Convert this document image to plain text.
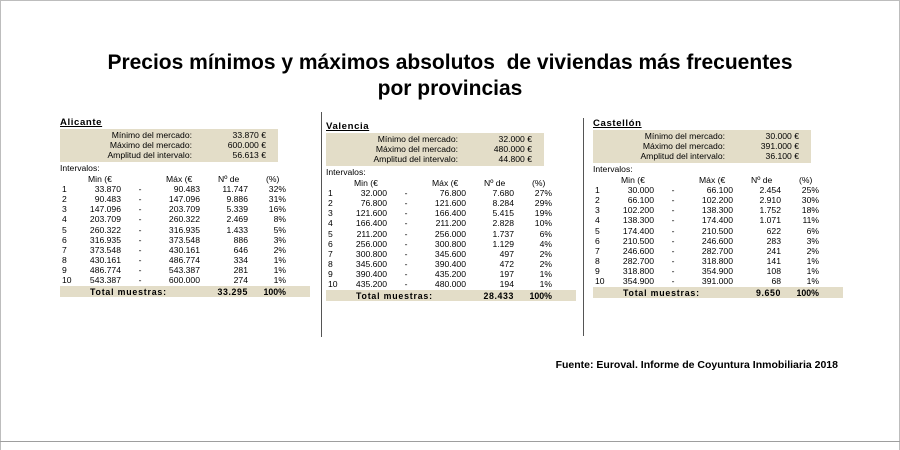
Precios mínimos y máximos absolutos  de viviendas más frecuentes
por provincias
Alicante
Mínimo del mercado:	33.870 €
Máximo del mercado:	600.000 €
Amplitud del intervalo:	56.613 €
Intervalos:
Min (€	Máx (€	Nº de	(%)
1	33.870 -	90.483	11.747	32%
2	90.483 -	147.096	9.886	31%
3	147.096 -	203.709	5.339	16%
4	203.709 -	260.322	2.469	8%
5	260.322 -	316.935	1.433	5%
6	316.935 -	373.548	886	3%
7	373.548 -	430.161	646	2%
8	430.161 -	486.774	334	1%
9	486.774 -	543.387	281	1%
10	543.387 -	600.000	274	1%
Total muestras:	33.295	100%
Valencia
Mínimo del mercado:	32.000 €
Máximo del mercado:	480.000 €
Amplitud del intervalo:	44.800 €
Intervalos:
Min (€	Máx (€	Nº de	(%)
1	32.000 -	76.800	7.680	27%
2	76.800 -	121.600	8.284	29%
3	121.600 -	166.400	5.415	19%
4	166.400 -	211.200	2.828	10%
5	211.200 -	256.000	1.737	6%
6	256.000 -	300.800	1.129	4%
7	300.800 -	345.600	497	2%
8	345.600 -	390.400	472	2%
9	390.400 -	435.200	197	1%
10	435.200 -	480.000	194	1%
Total muestras:	28.433	100%
Castellón
Mínimo del mercado:	30.000 €
Máximo del mercado:	391.000 €
Amplitud del intervalo:	36.100 €
Intervalos:
Min (€	Máx (€	Nº de	(%)
1	30.000 -	66.100	2.454	25%
2	66.100 -	102.200	2.910	30%
3	102.200 -	138.300	1.752	18%
4	138.300 -	174.400	1.071	11%
5	174.400 -	210.500	622	6%
6	210.500 -	246.600	283	3%
7	246.600 -	282.700	241	2%
8	282.700 -	318.800	141	1%
9	318.800 -	354.900	108	1%
10	354.900 -	391.000	68	1%
Total muestras:	9.650	100%
Fuente: Euroval. Informe de Coyuntura Inmobiliaria 2018
